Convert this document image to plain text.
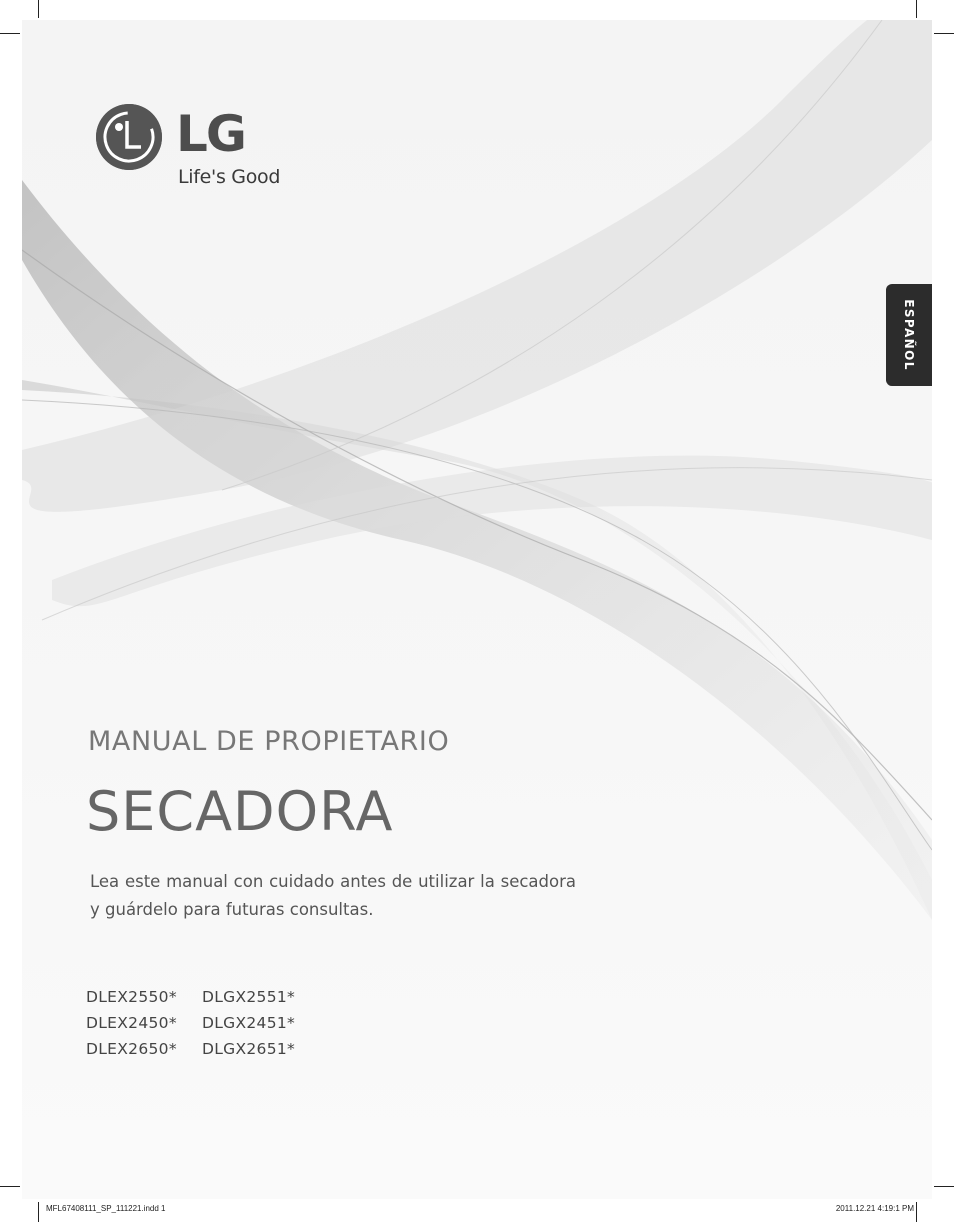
LG
Life's Good
ESPAÑOL
MANUAL DE PROPIETARIO
SECADORA
Lea este manual con cuidado antes de utilizar la secadora y guárdelo para futuras consultas.
DLEX2550* DLGX2551*
DLEX2450* DLGX2451*
DLEX2650* DLGX2651*
MFL67408111_SP_111221.indd 1	2011.12.21 4:19:1 PM
